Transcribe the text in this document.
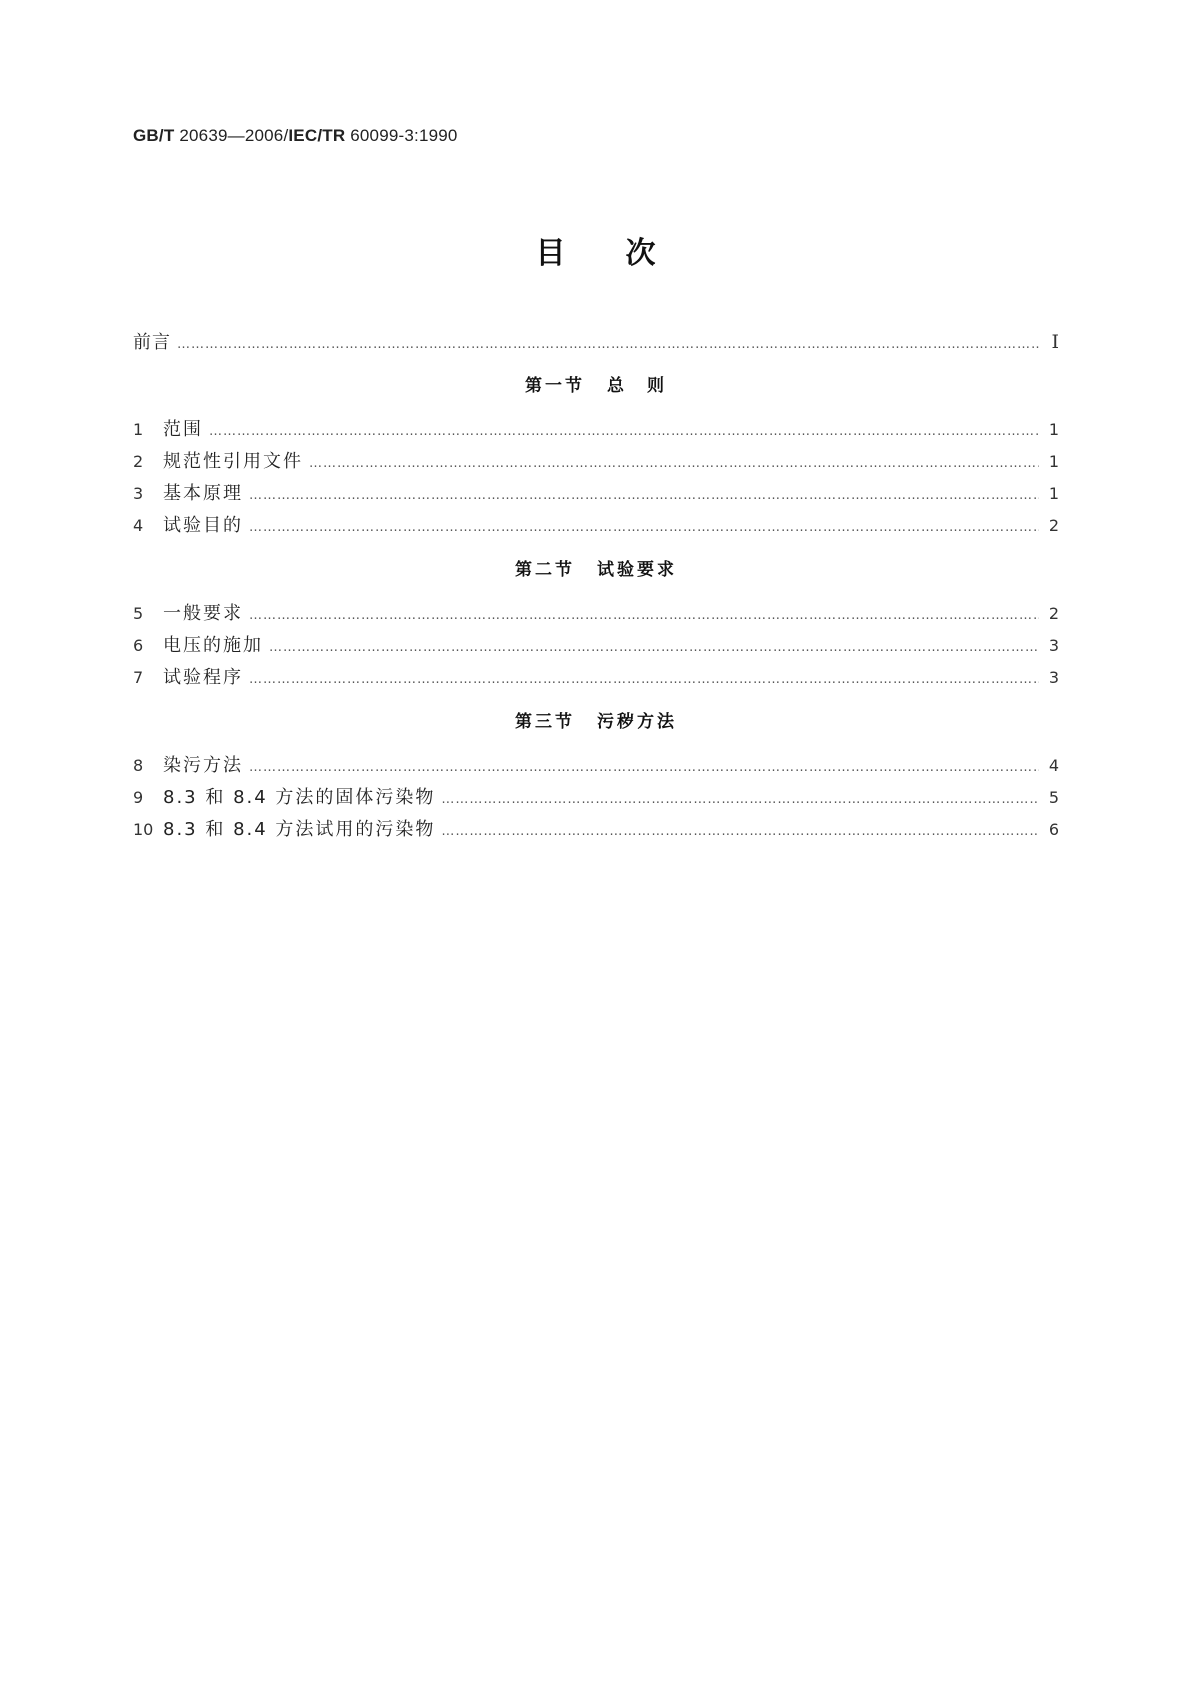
GB/T 20639—2006/IEC/TR 60099-3:1990
目次
前言 …………………………………………………………………………………………………………………………………………………………………………………………………………………………………………	Ⅰ
第一节 总　则
1	范围 …………………………………………………………………………………………………………………………………………………………………………………………………………………………………………	1
2	规范性引用文件 …………………………………………………………………………………………………………………………………………………………………………………………………………………………………………	1
3	基本原理 …………………………………………………………………………………………………………………………………………………………………………………………………………………………………………	1
4	试验目的 …………………………………………………………………………………………………………………………………………………………………………………………………………………………………………	2
第二节 试验要求
5	一般要求 …………………………………………………………………………………………………………………………………………………………………………………………………………………………………………	2
6	电压的施加 …………………………………………………………………………………………………………………………………………………………………………………………………………………………………………	3
7	试验程序 …………………………………………………………………………………………………………………………………………………………………………………………………………………………………………	3
第三节 污秽方法
8	染污方法 …………………………………………………………………………………………………………………………………………………………………………………………………………………………………………	4
9	8.3 和 8.4 方法的固体污染物 …………………………………………………………………………………………………………………………………………………………………………………………………………………………………………	5
10 8.3 和 8.4 方法试用的污染物 …………………………………………………………………………………………………………………………………………………………………………………………………………………………………………	6
